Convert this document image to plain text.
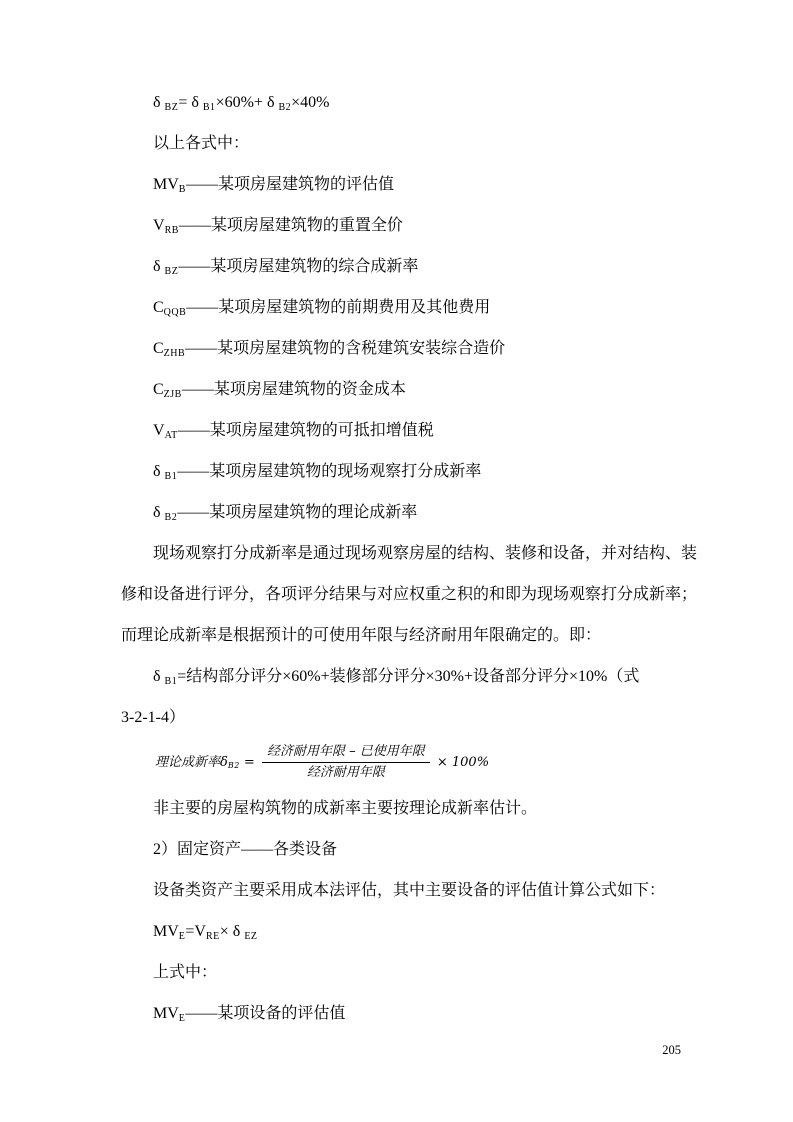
δ $_{BZ}$= δ $_{B1}$×60%+ δ $_{B2}$×40%

以上各式中：

$MV_B——$某项房屋建筑物的评估值

$V_{RB}——$某项房屋建筑物的重置全价

δ $_{BZ}$——某项房屋建筑物的综合成新率

$C_{QQB}——$某项房屋建筑物的前期费用及其他费用

$C_{ZHB}——$某项房屋建筑物的含税建筑安装综合造价

$C_{ZJB}——$某项房屋建筑物的资金成本

$V_{AT}——$某项房屋建筑物的可抵扣增值税

δ $_{B1}$——某项房屋建筑物的现场观察打分成新率

δ $_{B2}$——某项房屋建筑物的理论成新率

现场观察打分成新率是通过现场观察房屋的结构、装修和设备，并对结构、装修和设备进行评分，各项评分结果与对应权重之积的和即为现场观察打分成新率；而理论成新率是根据预计的可使用年限与经济耐用年限确定的。即：

δ $_{B1}$=结构部分评分×60%+装修部分评分×30%+设备部分评分×10%（式

3-2-1-4）

理论成新率$\delta_{B2} = \frac{\text{经济耐用年限 – 已使用年限}}{\text{经济耐用年限}} \times 100\%$

非主要的房屋构筑物的成新率主要按理论成新率估计。

2）固定资产——各类设备

设备类资产主要采用成本法评估，其中主要设备的评估值计算公式如下：

$MV_E=V_{RE}\times \delta$ $_{EZ}$

上式中：

$MV_E——$某项设备的评估值

205
